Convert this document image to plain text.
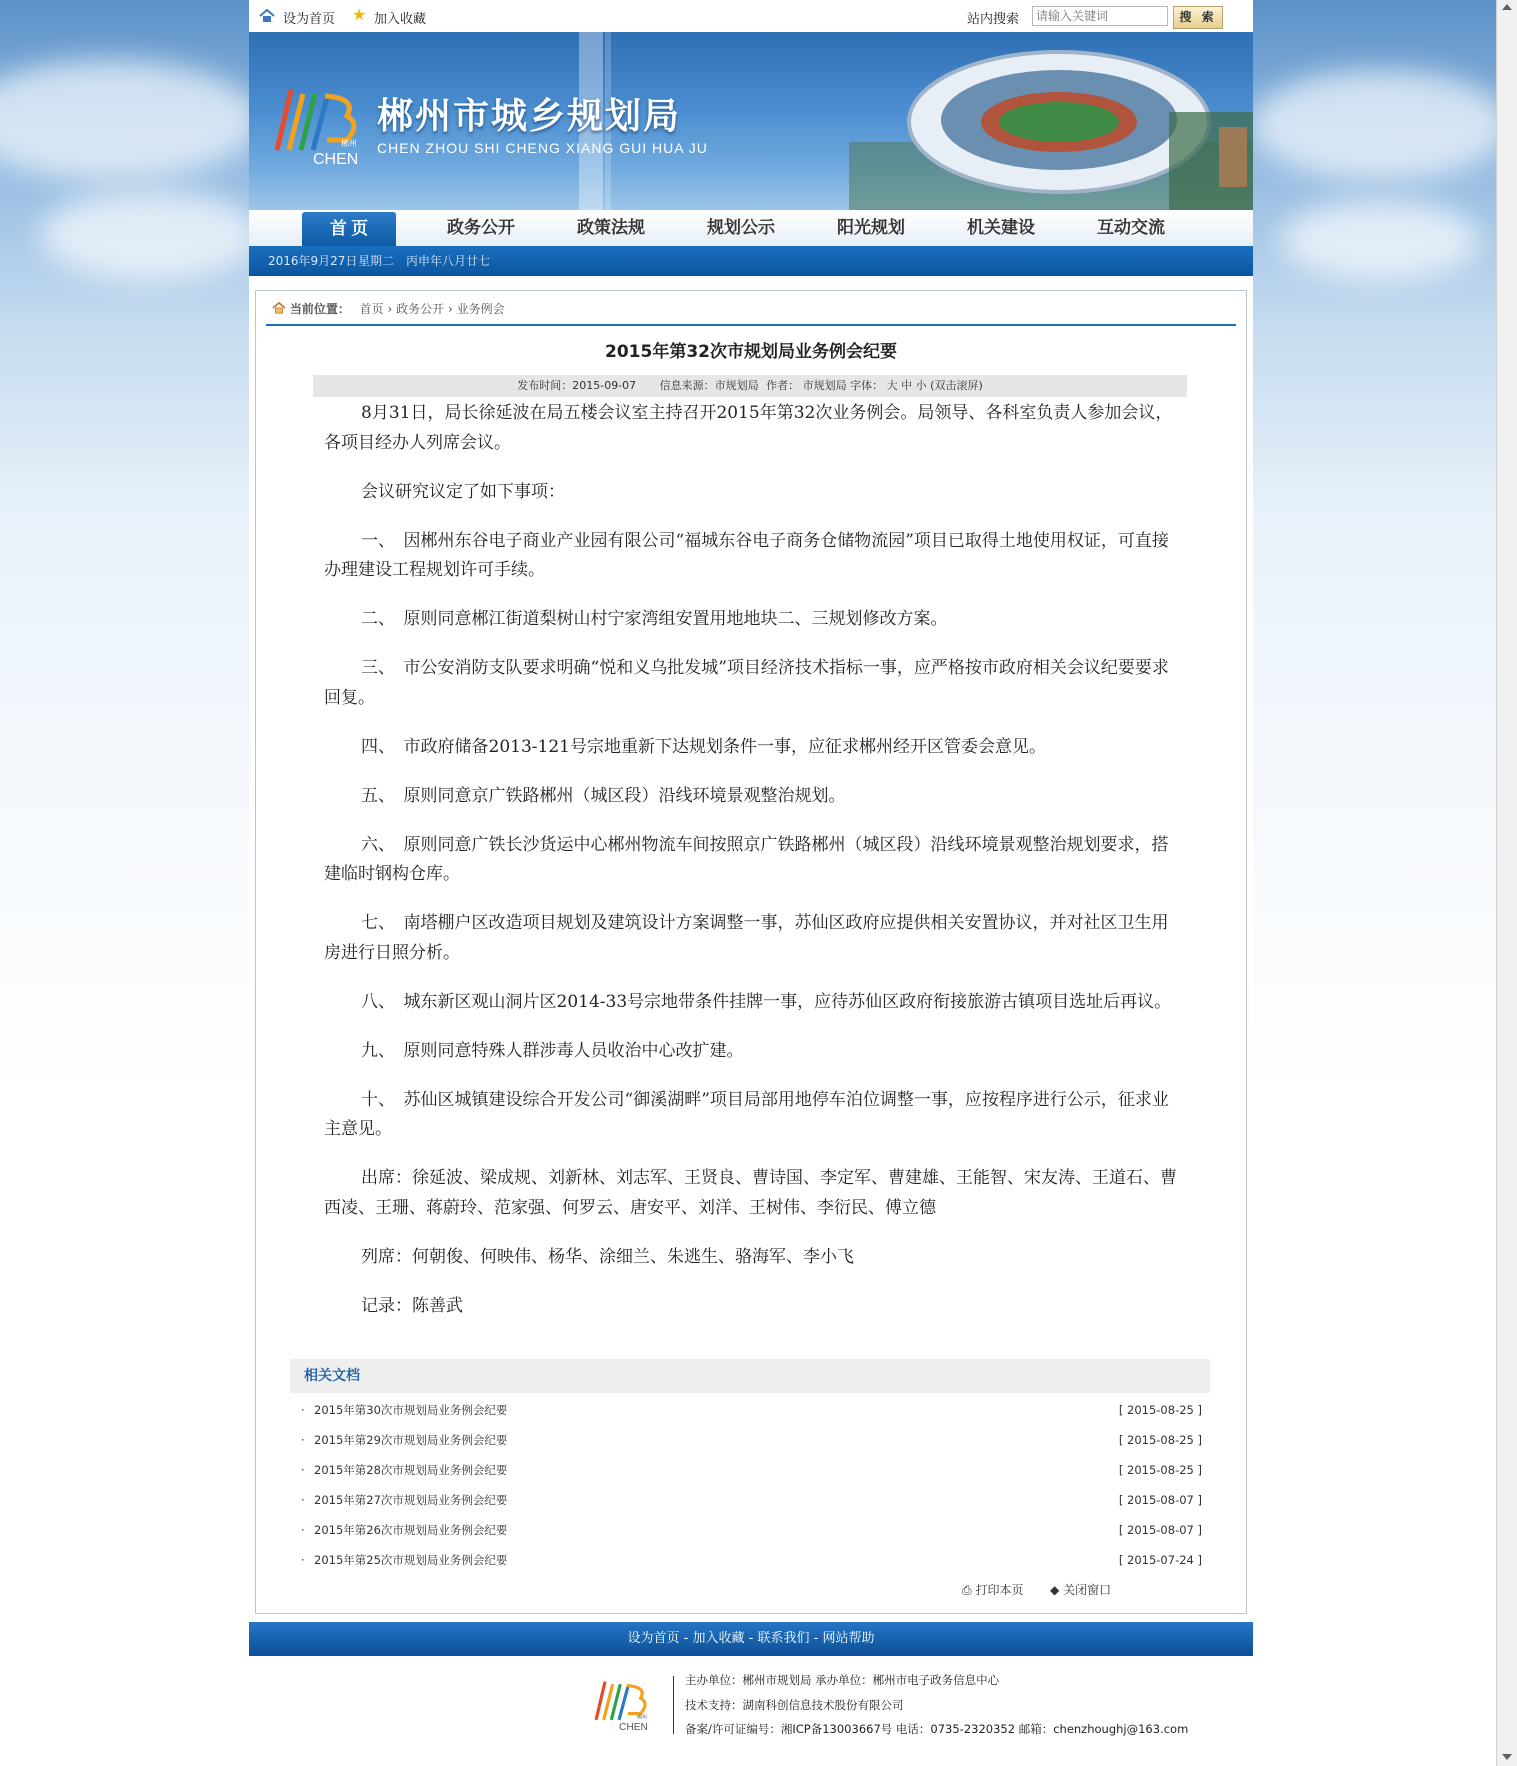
设为首页 ★ 加入收藏	站内搜索
请输入关键词	搜 索
CHEN
郴州
郴州市城乡规划局
CHEN ZHOU SHI CHENG XIANG GUI HUA JU
首 页	政务公开	政策法规	规划公示	阳光规划	机关建设	互动交流
2016年9月27日 星期二 丙申年八月廿七
当前位置： 首页 › 政务公开 › 业务例会
2015年第32次市规划局业务例会纪要
发布时间：2015-09-07 信息来源：市规划局 作者： 市规划局 字体： 大 中 小 (双击滚屏)

8月31日，局长徐延波在局五楼会议室主持召开2015年第32次业务例会。局领导、各科室负责人参加会议，各项目经办人列席会议。

会议研究议定了如下事项：

一、　因郴州东谷电子商业产业园有限公司“福城东谷电子商务仓储物流园”项目已取得土地使用权证，可直接办理建设工程规划许可手续。

二、　原则同意郴江街道梨树山村宁家湾组安置用地地块二、三规划修改方案。

三、　市公安消防支队要求明确“悦和义乌批发城”项目经济技术指标一事，应严格按市政府相关会议纪要要求回复。

四、　市政府储备2013-121号宗地重新下达规划条件一事，应征求郴州经开区管委会意见。

五、　原则同意京广铁路郴州（城区段）沿线环境景观整治规划。

六、　原则同意广铁长沙货运中心郴州物流车间按照京广铁路郴州（城区段）沿线环境景观整治规划要求，搭建临时钢构仓库。

七、　南塔棚户区改造项目规划及建筑设计方案调整一事，苏仙区政府应提供相关安置协议，并对社区卫生用房进行日照分析。

八、　城东新区观山洞片区2014-33号宗地带条件挂牌一事，应待苏仙区政府衔接旅游古镇项目选址后再议。

九、　原则同意特殊人群涉毒人员收治中心改扩建。

十、　苏仙区城镇建设综合开发公司“御溪湖畔”项目局部用地停车泊位调整一事，应按程序进行公示，征求业主意见。

出席：徐延波、梁成规、刘新林、刘志军、王贤良、曹诗国、李定军、曹建雄、王能智、宋友涛、王道石、曹西凌、王珊、蒋蔚玲、范家强、何罗云、唐安平、刘洋、王树伟、李衍民、傅立德

列席：何朝俊、何映伟、杨华、涂细兰、朱逃生、骆海军、李小飞

记录：陈善武

相关文档
· 2015年第30次市规划局业务例会纪要	[ 2015-08-25 ]
· 2015年第29次市规划局业务例会纪要	[ 2015-08-25 ]
· 2015年第28次市规划局业务例会纪要	[ 2015-08-25 ]
· 2015年第27次市规划局业务例会纪要	[ 2015-08-07 ]
· 2015年第26次市规划局业务例会纪要	[ 2015-08-07 ]
· 2015年第25次市规划局业务例会纪要	[ 2015-07-24 ]
⎙ 打印本页 ◆ 关闭窗口
设为首页 - 加入收藏 - 联系我们 - 网站帮助
CHEN
郴州
主办单位：郴州市规划局 承办单位：郴州市电子政务信息中心
技术支持：湖南科创信息技术股份有限公司
备案/许可证编号：湘ICP备13003667号 电话：0735-2320352 邮箱：chenzhoughj@163.com
